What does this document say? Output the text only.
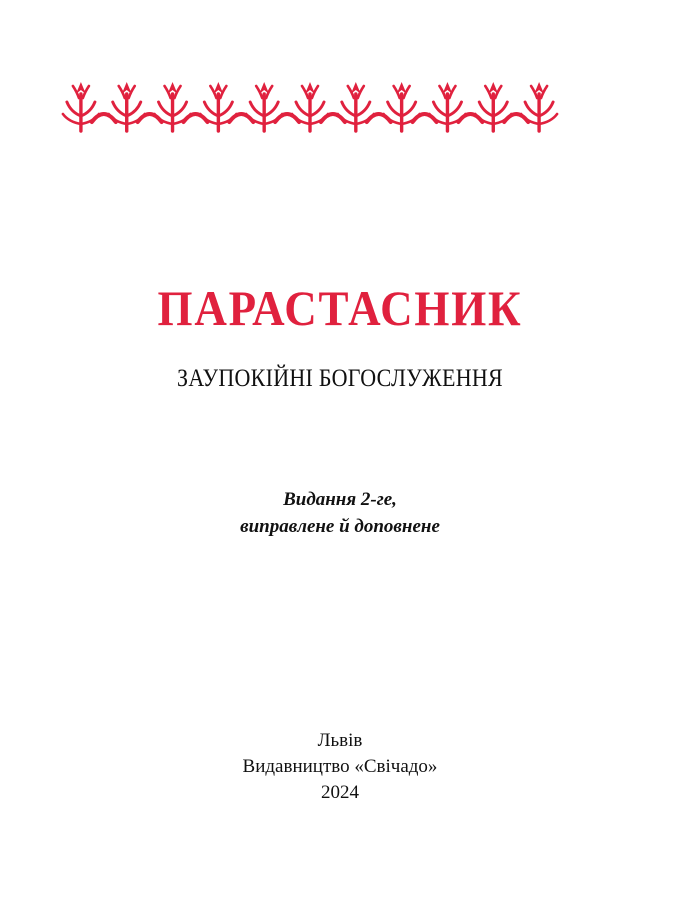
ПАРАСТАСНИК
ЗАУПОКІЙНІ БОГОСЛУЖЕННЯ
Видання 2-ге,
виправлене й доповнене
Львів
Видавництво «Свічадо»
2024
